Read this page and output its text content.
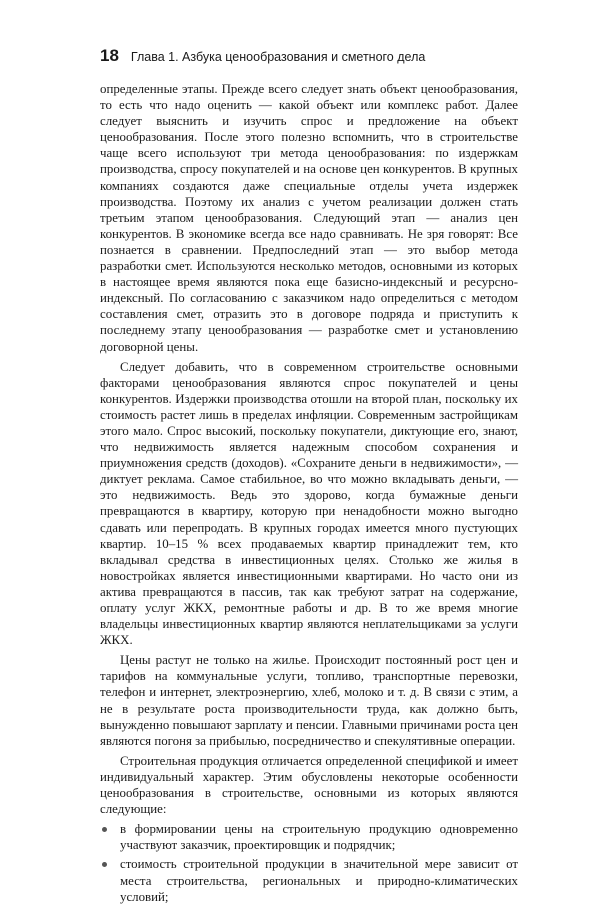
18 Глава 1. Азбука ценообразования и сметного дела

определенные этапы. Прежде всего следует знать объект ценообразования, то есть что надо оценить — какой объект или комплекс работ. Далее следует выяснить и изучить спрос и предложение на объект ценообразования. После этого полезно вспомнить, что в строительстве чаще всего используют три метода ценообразования: по издержкам производства, спросу покупателей и на основе цен конкурентов. В крупных компаниях создаются даже специальные отделы учета издержек производства. Поэтому их анализ с учетом реализации должен стать третьим этапом ценообразования. Следующий этап — анализ цен конкурентов. В экономике всегда все надо сравнивать. Не зря говорят: Все познается в сравнении. Предпоследний этап — это выбор метода разработки смет. Используются несколько методов, основными из которых в настоящее время являются пока еще базисно-индексный и ресурсно-индексный. По согласованию с заказчиком надо определиться с методом составления смет, отразить это в договоре подряда и приступить к последнему этапу ценообразования — разработке смет и установлению договорной цены.

Следует добавить, что в современном строительстве основными факторами ценообразования являются спрос покупателей и цены конкурентов. Издержки производства отошли на второй план, поскольку их стоимость растет лишь в пределах инфляции. Современным застройщикам этого мало. Спрос высокий, поскольку покупатели, диктующие его, знают, что недвижимость является надежным способом сохранения и приумножения средств (доходов). «Сохраните деньги в недвижимости», — диктует реклама. Самое стабильное, во что можно вкладывать деньги, — это недвижимость. Ведь это здорово, когда бумажные деньги превращаются в квартиру, которую при ненадобности можно выгодно сдавать или перепродать. В крупных городах имеется много пустующих квартир. 10–15 % всех продаваемых квартир принадлежит тем, кто вкладывал средства в инвестиционных целях. Столько же жилья в новостройках является инвестиционными квартирами. Но часто они из актива превращаются в пассив, так как требуют затрат на содержание, оплату услуг ЖКХ, ремонтные работы и др. В то же время многие владельцы инвестиционных квартир являются неплательщиками за услуги ЖКХ.

Цены растут не только на жилье. Происходит постоянный рост цен и тарифов на коммунальные услуги, топливо, транспортные перевозки, телефон и интернет, электроэнергию, хлеб, молоко и т. д. В связи с этим, а не в результате роста производительности труда, как должно быть, вынужденно повышают зарплату и пенсии. Главными причинами роста цен являются погоня за прибылью, посредничество и спекулятивные операции.

Строительная продукция отличается определенной спецификой и имеет индивидуальный характер. Этим обусловлены некоторые особенности ценообразования в строительстве, основными из которых являются следующие:

в формировании цены на строительную продукцию одновременно участвуют заказчик, проектировщик и подрядчик;
стоимость строительной продукции в значительной мере зависит от места строительства, региональных и природно-климатических условий;
